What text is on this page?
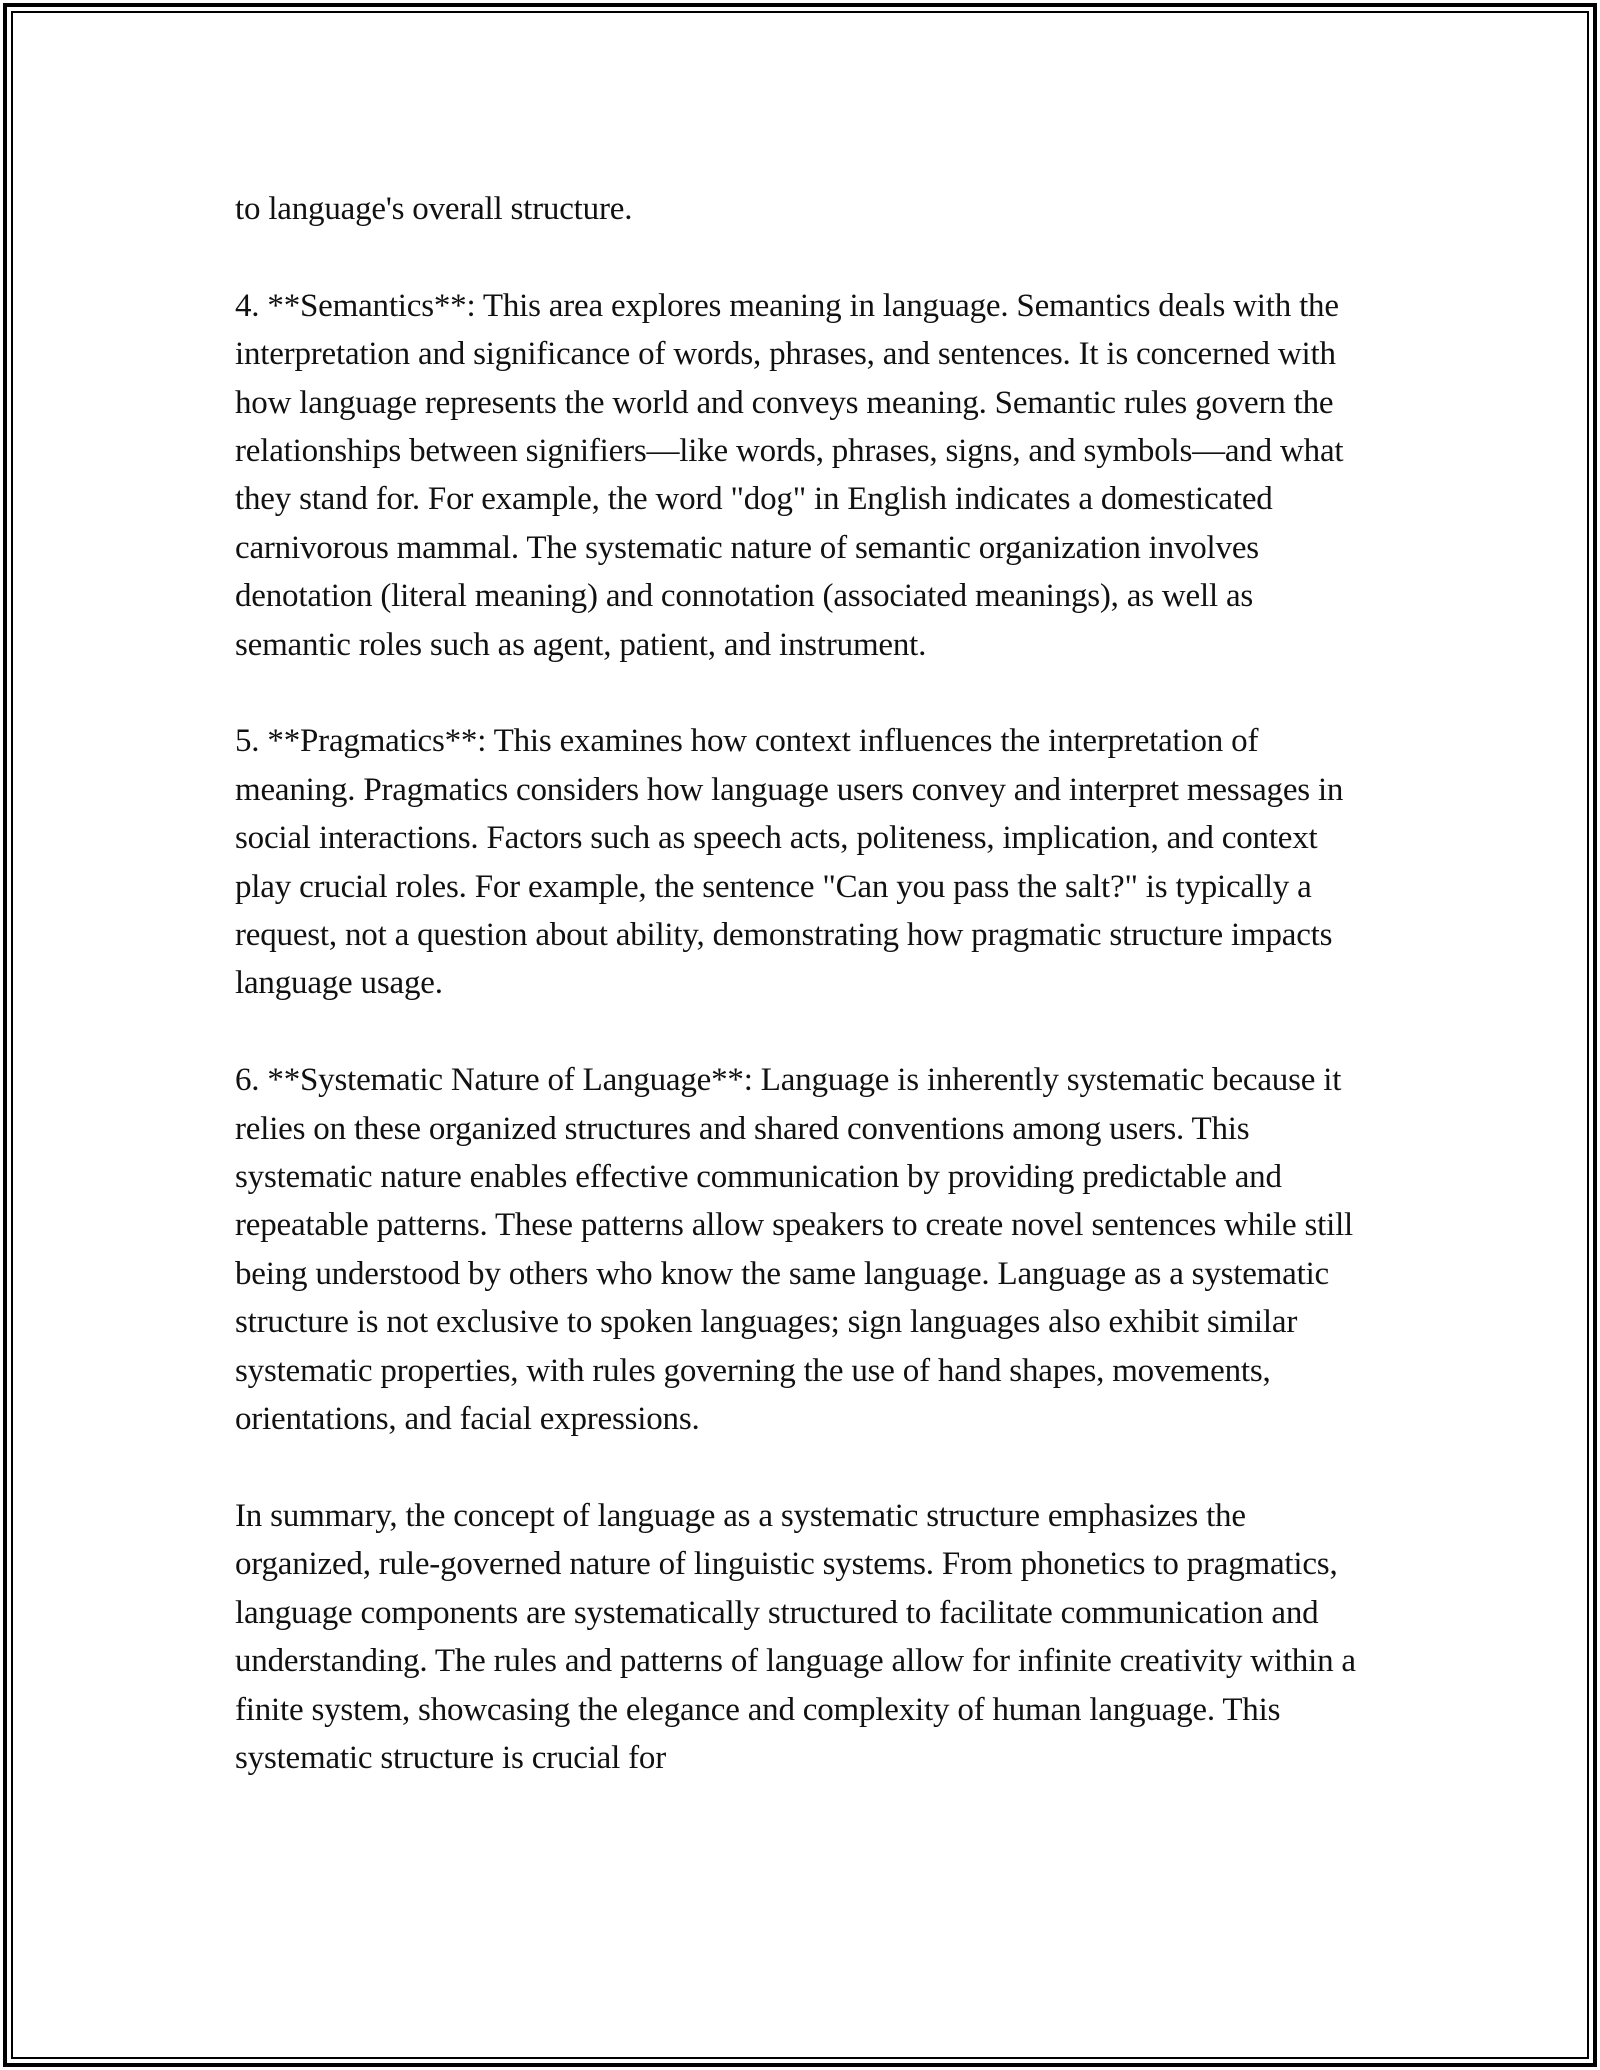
to language's overall structure.

4. **Semantics**: This area explores meaning in language. Semantics deals with the interpretation and significance of words, phrases, and sentences. It is concerned with how language represents the world and conveys meaning. Semantic rules govern the relationships between signifiers—like words, phrases, signs, and symbols—and what they stand for. For example, the word "dog" in English indicates a domesticated carnivorous mammal. The systematic nature of semantic organization involves denotation (literal meaning) and connotation (associated meanings), as well as semantic roles such as agent, patient, and instrument.

5. **Pragmatics**: This examines how context influences the interpretation of meaning. Pragmatics considers how language users convey and interpret messages in social interactions. Factors such as speech acts, politeness, implication, and context play crucial roles. For example, the sentence "Can you pass the salt?" is typically a request, not a question about ability, demonstrating how pragmatic structure impacts language usage.

6. **Systematic Nature of Language**: Language is inherently systematic because it relies on these organized structures and shared conventions among users. This systematic nature enables effective communication by providing predictable and repeatable patterns. These patterns allow speakers to create novel sentences while still being understood by others who know the same language. Language as a systematic structure is not exclusive to spoken languages; sign languages also exhibit similar systematic properties, with rules governing the use of hand shapes, movements, orientations, and facial expressions.

In summary, the concept of language as a systematic structure emphasizes the organized, rule-governed nature of linguistic systems. From phonetics to pragmatics, language components are systematically structured to facilitate communication and understanding. The rules and patterns of language allow for infinite creativity within a finite system, showcasing the elegance and complexity of human language. This systematic structure is crucial for
